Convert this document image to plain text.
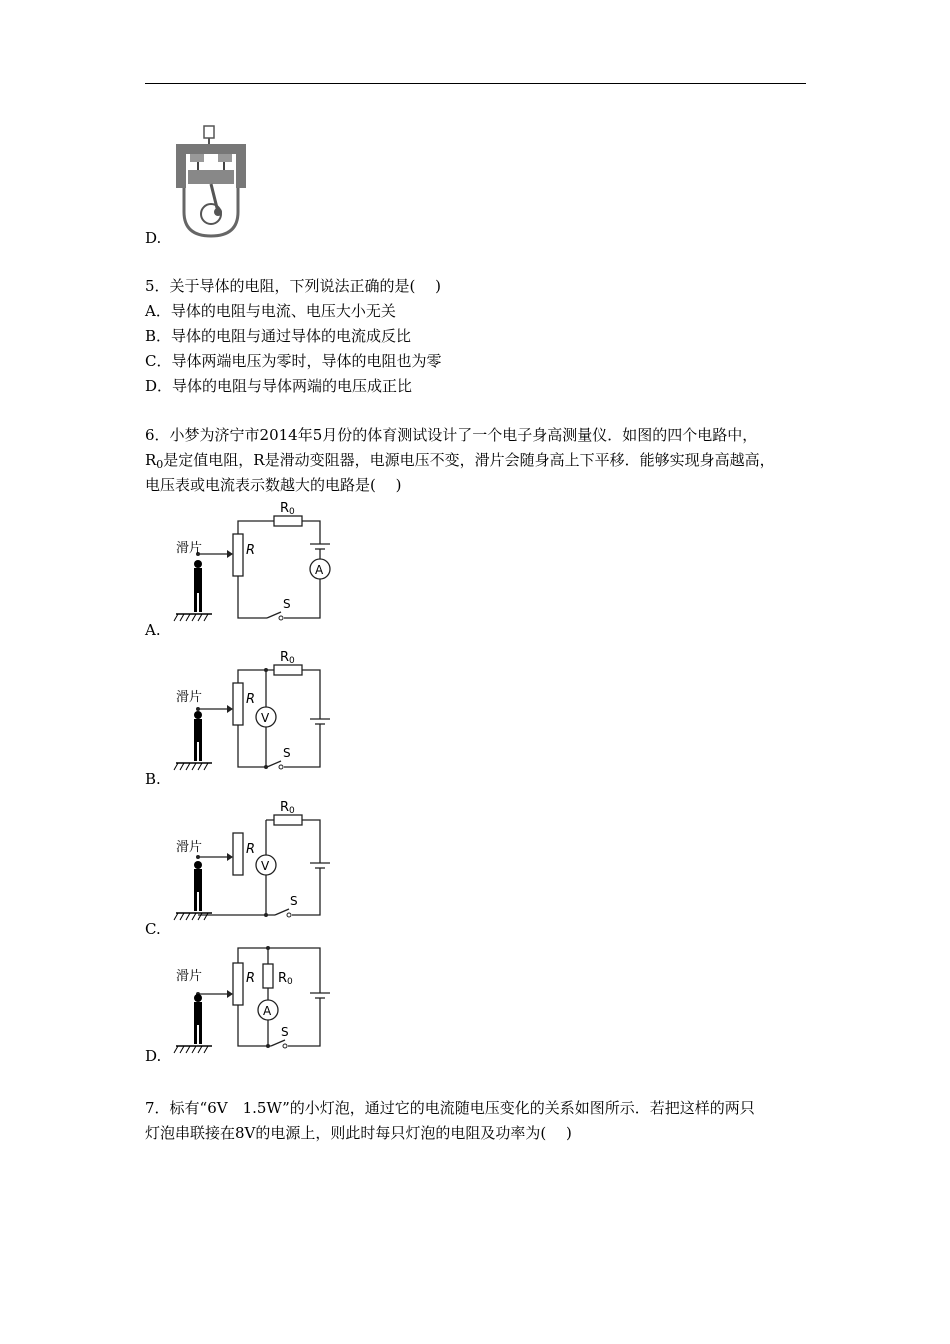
D.
5．关于导体的电阻，下列说法正确的是(　 )
A．导体的电阻与电流、电压大小无关
B．导体的电阻与通过导体的电流成反比
C．导体两端电压为零时，导体的电阻也为零
D．导体的电阻与导体两端的电压成正比
6．小梦为济宁市2014年5月份的体育测试设计了一个电子身高测量仪．如图的四个电路中，
$R_0$是定值电阻，R是滑动变阻器，电源电压不变，滑片会随身高上下平移．能够实现身高越高，
电压表或电流表示数越大的电路是(　 )
滑片	R
R 0
A
S
A.
滑片	R
R 0
V
S
B.
滑片	R
R 0
V
S
C.
滑片	R R 0
A
S
D.
7．标有“6V　1.5W”的小灯泡，通过它的电流随电压变化的关系如图所示．若把这样的两只
灯泡串联接在8V的电源上，则此时每只灯泡的电阻及功率为(　 )
